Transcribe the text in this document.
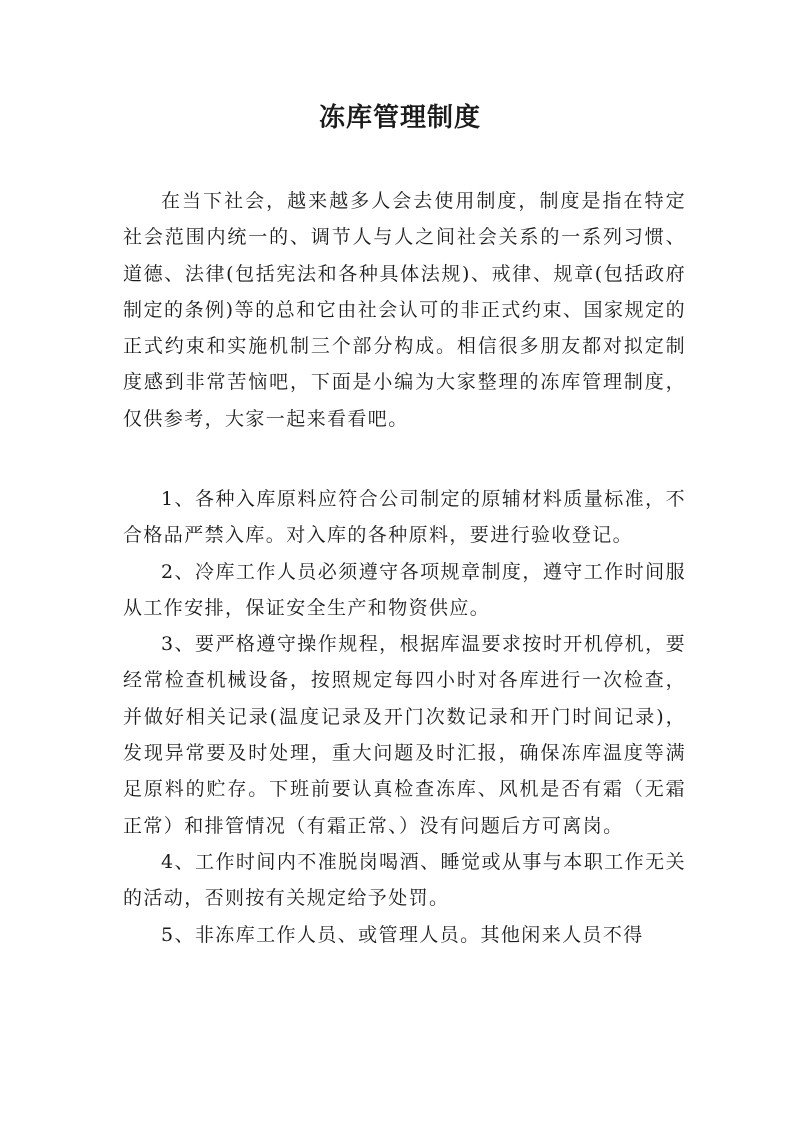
冻库管理制度

在当下社会，越来越多人会去使用制度，制度是指在特定社会范围内统一的、调节人与人之间社会关系的一系列习惯、道德、法律(包括宪法和各种具体法规)、戒律、规章(包括政府制定的条例)等的总和它由社会认可的非正式约束、国家规定的正式约束和实施机制三个部分构成。相信很多朋友都对拟定制度感到非常苦恼吧，下面是小编为大家整理的冻库管理制度，仅供参考，大家一起来看看吧。

1、各种入库原料应符合公司制定的原辅材料质量标准，不合格品严禁入库。对入库的各种原料，要进行验收登记。

2、冷库工作人员必须遵守各项规章制度，遵守工作时间服从工作安排，保证安全生产和物资供应。

3、要严格遵守操作规程，根据库温要求按时开机停机，要经常检查机械设备，按照规定每四小时对各库进行一次检查，并做好相关记录(温度记录及开门次数记录和开门时间记录)，发现异常要及时处理，重大问题及时汇报，确保冻库温度等满足原料的贮存。下班前要认真检查冻库、风机是否有霜（无霜正常）和排管情况（有霜正常、）没有问题后方可离岗。

4、工作时间内不准脱岗喝酒、睡觉或从事与本职工作无关的活动，否则按有关规定给予处罚。

5、非冻库工作人员、或管理人员。其他闲来人员不得
